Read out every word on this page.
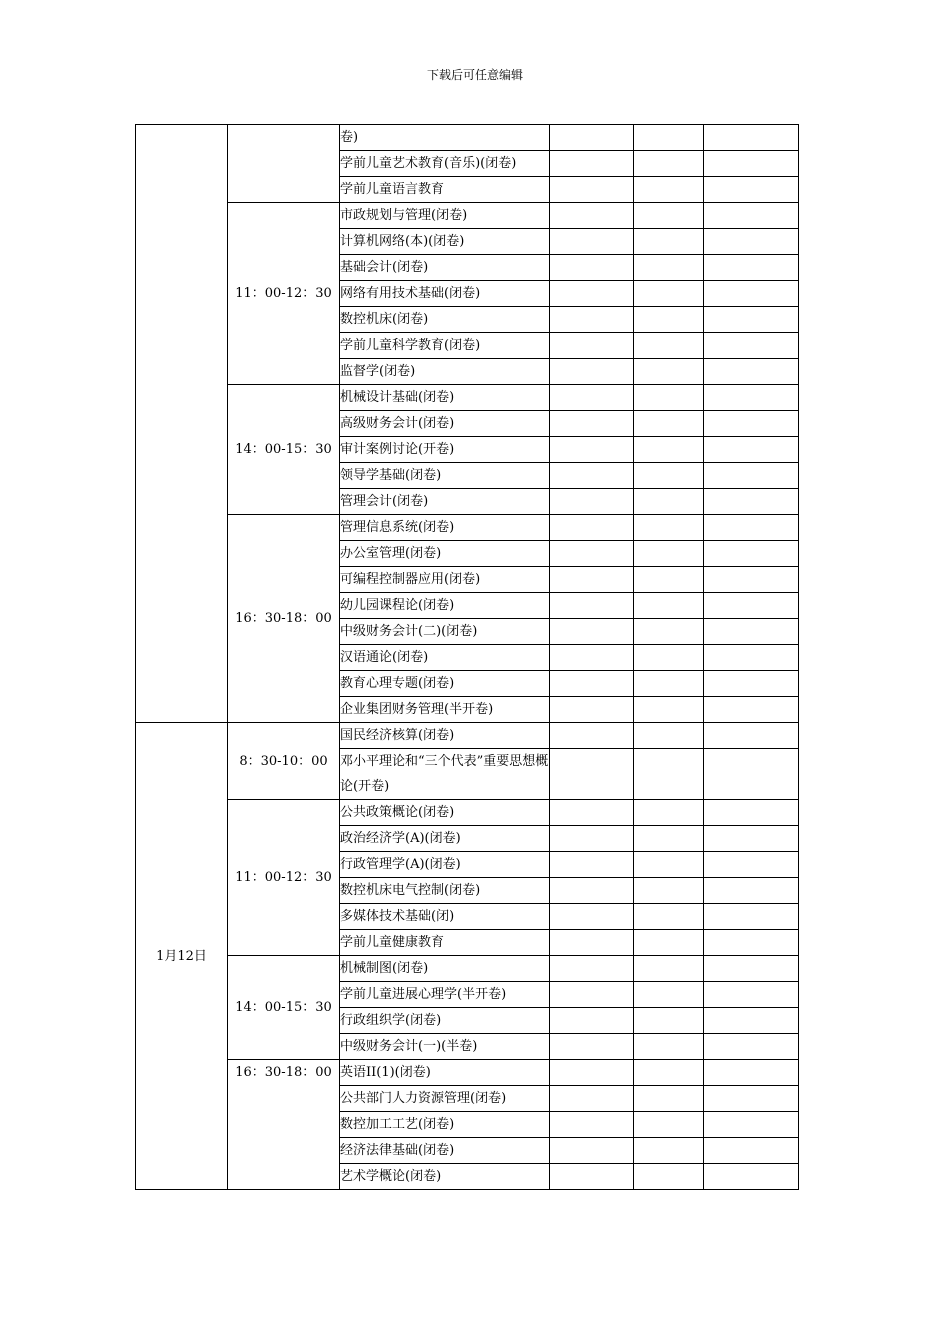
下载后可任意编辑
		卷)			
		学前儿童艺术教育(音乐)(闭卷)			

		学前儿童语言教育			
	11：00-12：30	市政规划与管理(闭卷)			
		计算机网络(本)(闭卷)			
		基础会计(闭卷)			
		网络有用技术基础(闭卷)			
		数控机床(闭卷)			
		学前儿童科学教育(闭卷)			
		监督学(闭卷)			
	14：00-15：30	机械设计基础(闭卷)			
		高级财务会计(闭卷)			
		审计案例讨论(开卷)			
		领导学基础(闭卷)			
		管理会计(闭卷)			
	16：30-18：00	管理信息系统(闭卷)			
		办公室管理(闭卷)			
		可编程控制器应用(闭卷)			
		幼儿园课程论(闭卷)			
		中级财务会计(二)(闭卷)			
		汉语通论(闭卷)			
		教育心理专题(闭卷)			
		企业集团财务管理(半开卷)			

1月12日	8：30-10：00	国民经济核算(闭卷)			
		邓小平理论和“三个代表”重要思想概论(开卷)			

	11：00-12：30	公共政策概论(闭卷)			
		政治经济学(A)(闭卷)			
		行政管理学(A)(闭卷)			
		数控机床电气控制(闭卷)			
		多媒体技术基础(闭)			
		学前儿童健康教育			
	14：00-15：30	机械制图(闭卷)			
		学前儿童进展心理学(半开卷)			
		行政组织学(闭卷)			
		中级财务会计(一)(半卷)			
	16：30-18：00	英语II(1)(闭卷)			
		公共部门人力资源管理(闭卷)			
		数控加工工艺(闭卷)			
		经济法律基础(闭卷)			
		艺术学概论(闭卷)			
